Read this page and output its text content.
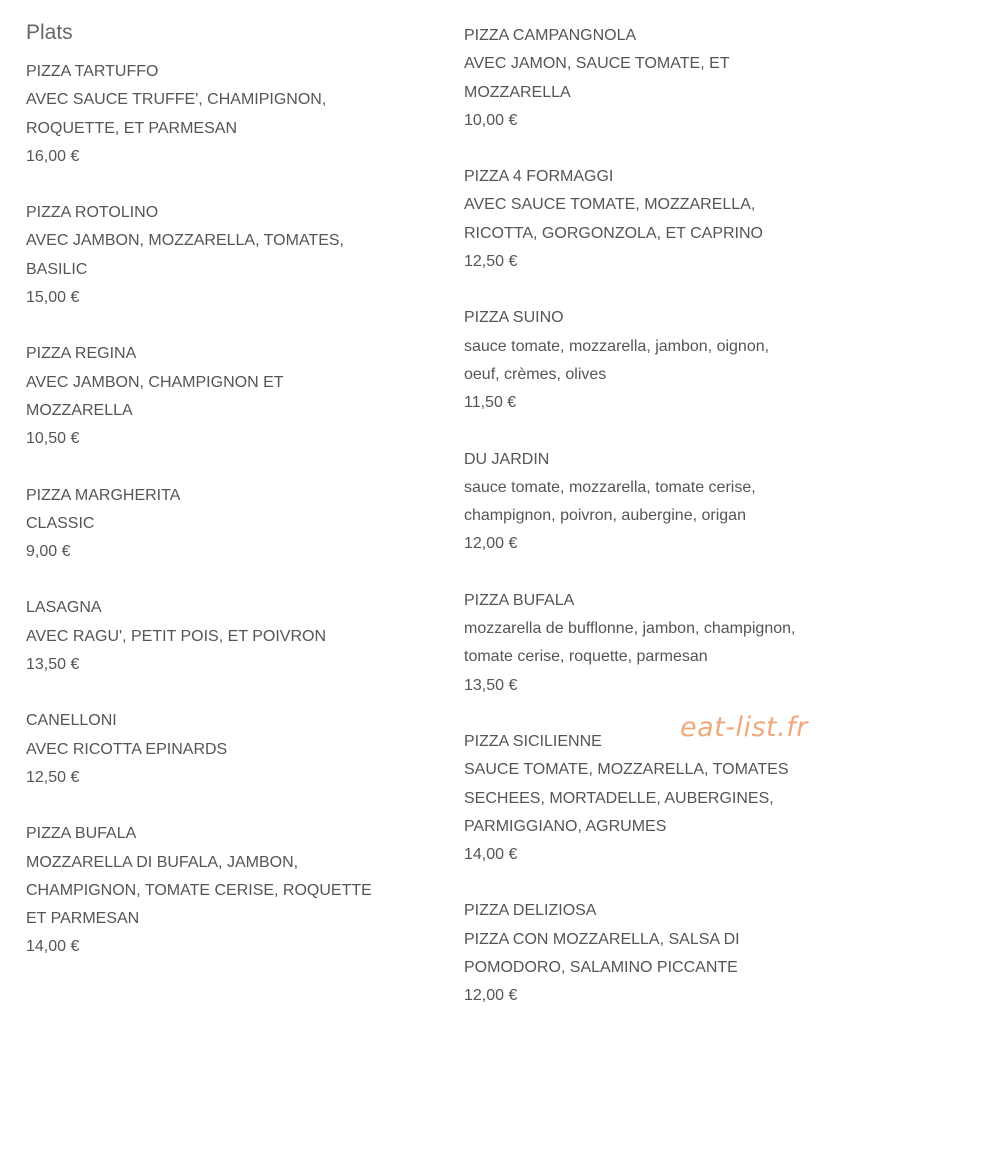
Plats
PIZZA TARTUFFO
AVEC SAUCE TRUFFE', CHAMIPIGNON,
ROQUETTE, ET PARMESAN
16,00 €
PIZZA ROTOLINO
AVEC JAMBON, MOZZARELLA, TOMATES,
BASILIC
15,00 €
PIZZA REGINA
AVEC JAMBON, CHAMPIGNON ET
MOZZARELLA
10,50 €
PIZZA MARGHERITA
CLASSIC
9,00 €
LASAGNA
AVEC RAGU', PETIT POIS, ET POIVRON
13,50 €
CANELLONI
AVEC RICOTTA EPINARDS
12,50 €
PIZZA BUFALA
MOZZARELLA DI BUFALA, JAMBON,
CHAMPIGNON, TOMATE CERISE, ROQUETTE
ET PARMESAN
14,00 €
PIZZA CAMPANGNOLA
AVEC JAMON, SAUCE TOMATE, ET
MOZZARELLA
10,00 €
PIZZA 4 FORMAGGI
AVEC SAUCE TOMATE, MOZZARELLA,
RICOTTA, GORGONZOLA, ET CAPRINO
12,50 €
PIZZA SUINO
sauce tomate, mozzarella, jambon, oignon,
oeuf, crèmes, olives
11,50 €
DU JARDIN
sauce tomate, mozzarella, tomate cerise,
champignon, poivron, aubergine, origan
12,00 €
PIZZA BUFALA
mozzarella de bufflonne, jambon, champignon,
tomate cerise, roquette, parmesan
13,50 €
PIZZA SICILIENNE
SAUCE TOMATE, MOZZARELLA, TOMATES
SECHEES, MORTADELLE, AUBERGINES,
PARMIGGIANO, AGRUMES
14,00 €
PIZZA DELIZIOSA
PIZZA CON MOZZARELLA, SALSA DI
POMODORO, SALAMINO PICCANTE
12,00 €
eat-list.fr
